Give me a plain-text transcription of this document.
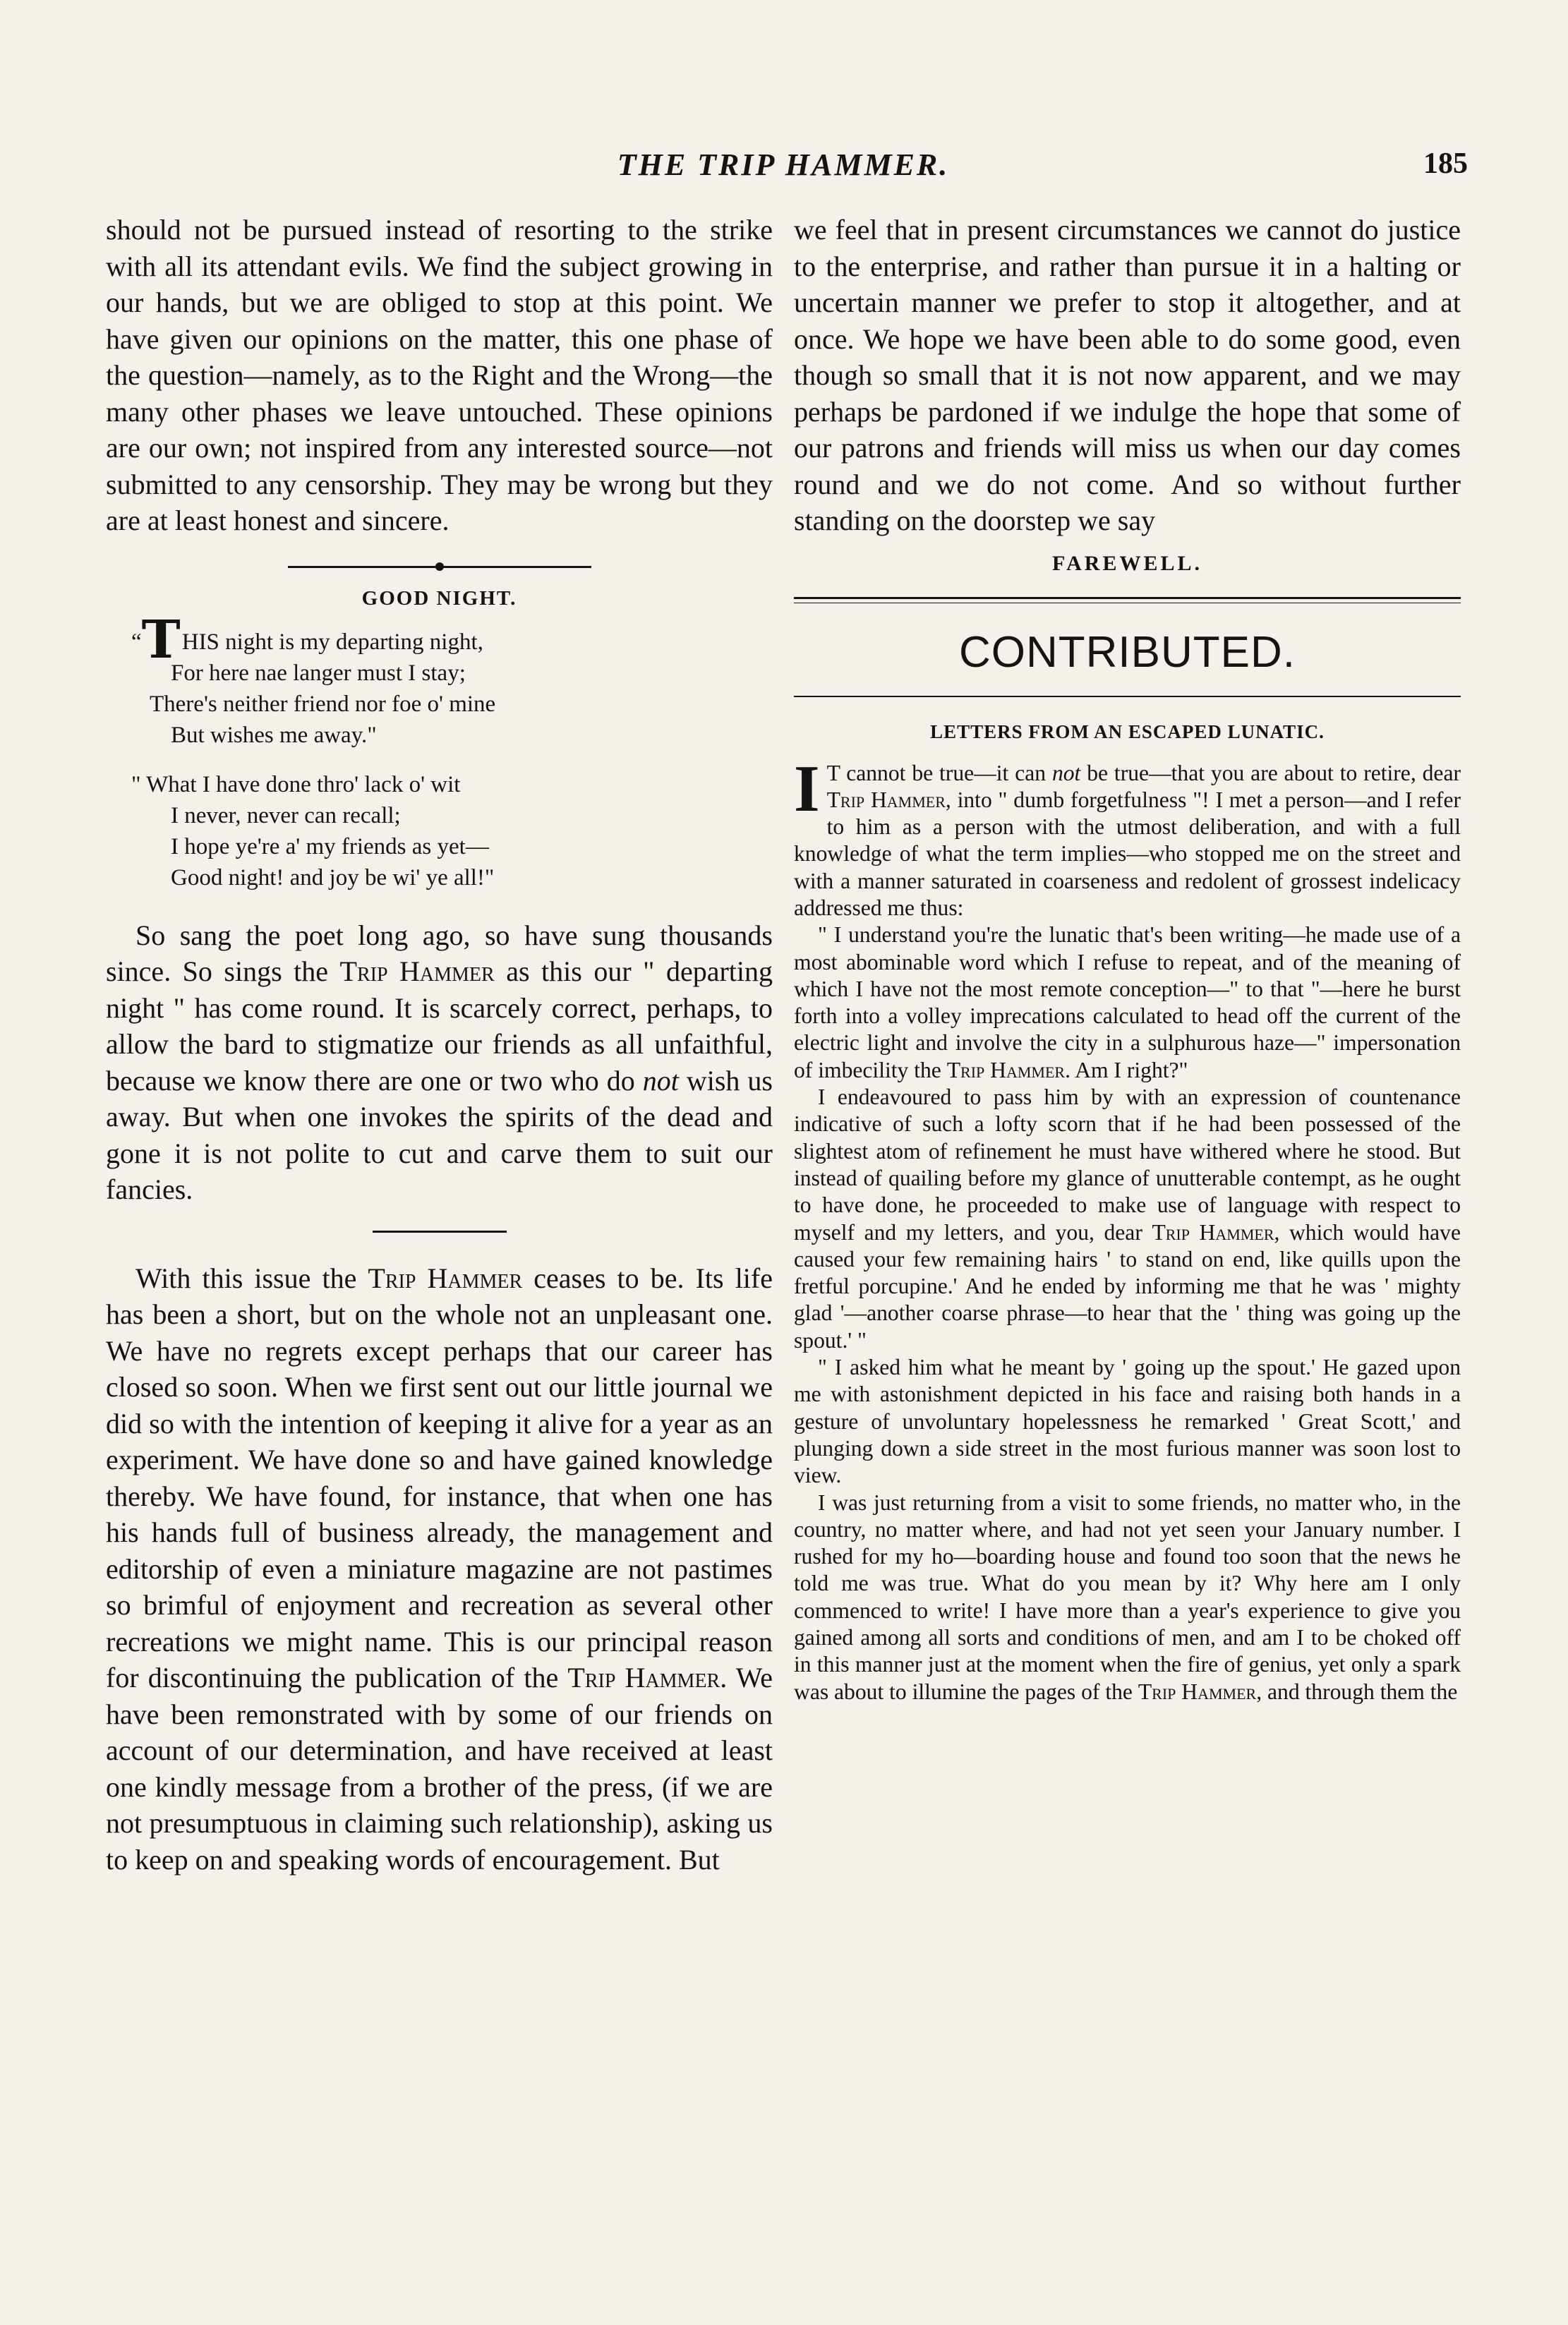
THE TRIP HAMMER.	185

should not be pursued instead of resorting to the strike with all its attendant evils. We find the subject growing in our hands, but we are obliged to stop at this point. We have given our opinions on the matter, this one phase of the question—namely, as to the Right and the Wrong—the many other phases we leave untouched. These opinions are our own; not inspired from any interested source—not submitted to any censorship. They may be wrong but they are at least honest and sincere.

GOOD NIGHT.
“THIS night is my departing night,
For here nae langer must I stay;
There's neither friend nor foe o' mine
But wishes me away."
" What I have done thro' lack o' wit
I never, never can recall;
I hope ye're a' my friends as yet—
Good night! and joy be wi' ye all!"

So sang the poet long ago, so have sung thousands since. So sings the Trip Hammer as this our " departing night " has come round. It is scarcely correct, perhaps, to allow the bard to stigmatize our friends as all unfaithful, because we know there are one or two who do not wish us away. But when one invokes the spirits of the dead and gone it is not polite to cut and carve them to suit our fancies.

With this issue the Trip Hammer ceases to be. Its life has been a short, but on the whole not an unpleasant one. We have no regrets except perhaps that our career has closed so soon. When we first sent out our little journal we did so with the intention of keeping it alive for a year as an experiment. We have done so and have gained knowledge thereby. We have found, for instance, that when one has his hands full of business already, the management and editorship of even a miniature magazine are not pastimes so brimful of enjoyment and recreation as several other recreations we might name. This is our principal reason for discontinuing the publication of the Trip Hammer. We have been remonstrated with by some of our friends on account of our determination, and have received at least one kindly message from a brother of the press, (if we are not presumptuous in claiming such relationship), asking us to keep on and speaking words of encouragement. But

we feel that in present circumstances we cannot do justice to the enterprise, and rather than pursue it in a halting or uncertain manner we prefer to stop it altogether, and at once. We hope we have been able to do some good, even though so small that it is not now apparent, and we may perhaps be pardoned if we indulge the hope that some of our patrons and friends will miss us when our day comes round and we do not come. And so without further standing on the doorstep we say

FAREWELL.
CONTRIBUTED.
LETTERS FROM AN ESCAPED LUNATIC.

I T cannot be true—it can not be true—that you are about to retire, dear Trip Hammer, into " dumb forgetfulness "! I met a person—and I refer to him as a person with the utmost deliberation, and with a full knowledge of what the term implies—who stopped me on the street and with a manner saturated in coarseness and redolent of grossest indelicacy addressed me thus:

" I understand you're the lunatic that's been writing—he made use of a most abominable word which I refuse to repeat, and of the meaning of which I have not the most remote conception—" to that "—here he burst forth into a volley imprecations calculated to head off the current of the electric light and involve the city in a sulphurous haze—" impersonation of imbecility the Trip Hammer. Am I right?"

I endeavoured to pass him by with an expression of countenance indicative of such a lofty scorn that if he had been possessed of the slightest atom of refinement he must have withered where he stood. But instead of quailing before my glance of unutterable contempt, as he ought to have done, he proceeded to make use of language with respect to myself and my letters, and you, dear Trip Hammer, which would have caused your few remaining hairs ' to stand on end, like quills upon the fretful porcupine.' And he ended by informing me that he was ' mighty glad '—another coarse phrase—to hear that the ' thing was going up the spout.' "

" I asked him what he meant by ' going up the spout.' He gazed upon me with astonishment depicted in his face and raising both hands in a gesture of unvoluntary hopelessness he remarked ' Great Scott,' and plunging down a side street in the most furious manner was soon lost to view.

I was just returning from a visit to some friends, no matter who, in the country, no matter where, and had not yet seen your January number. I rushed for my ho—boarding house and found too soon that the news he told me was true. What do you mean by it? Why here am I only commenced to write! I have more than a year's experience to give you gained among all sorts and conditions of men, and am I to be choked off in this manner just at the moment when the fire of genius, yet only a spark was about to illumine the pages of the Trip Hammer, and through them the
